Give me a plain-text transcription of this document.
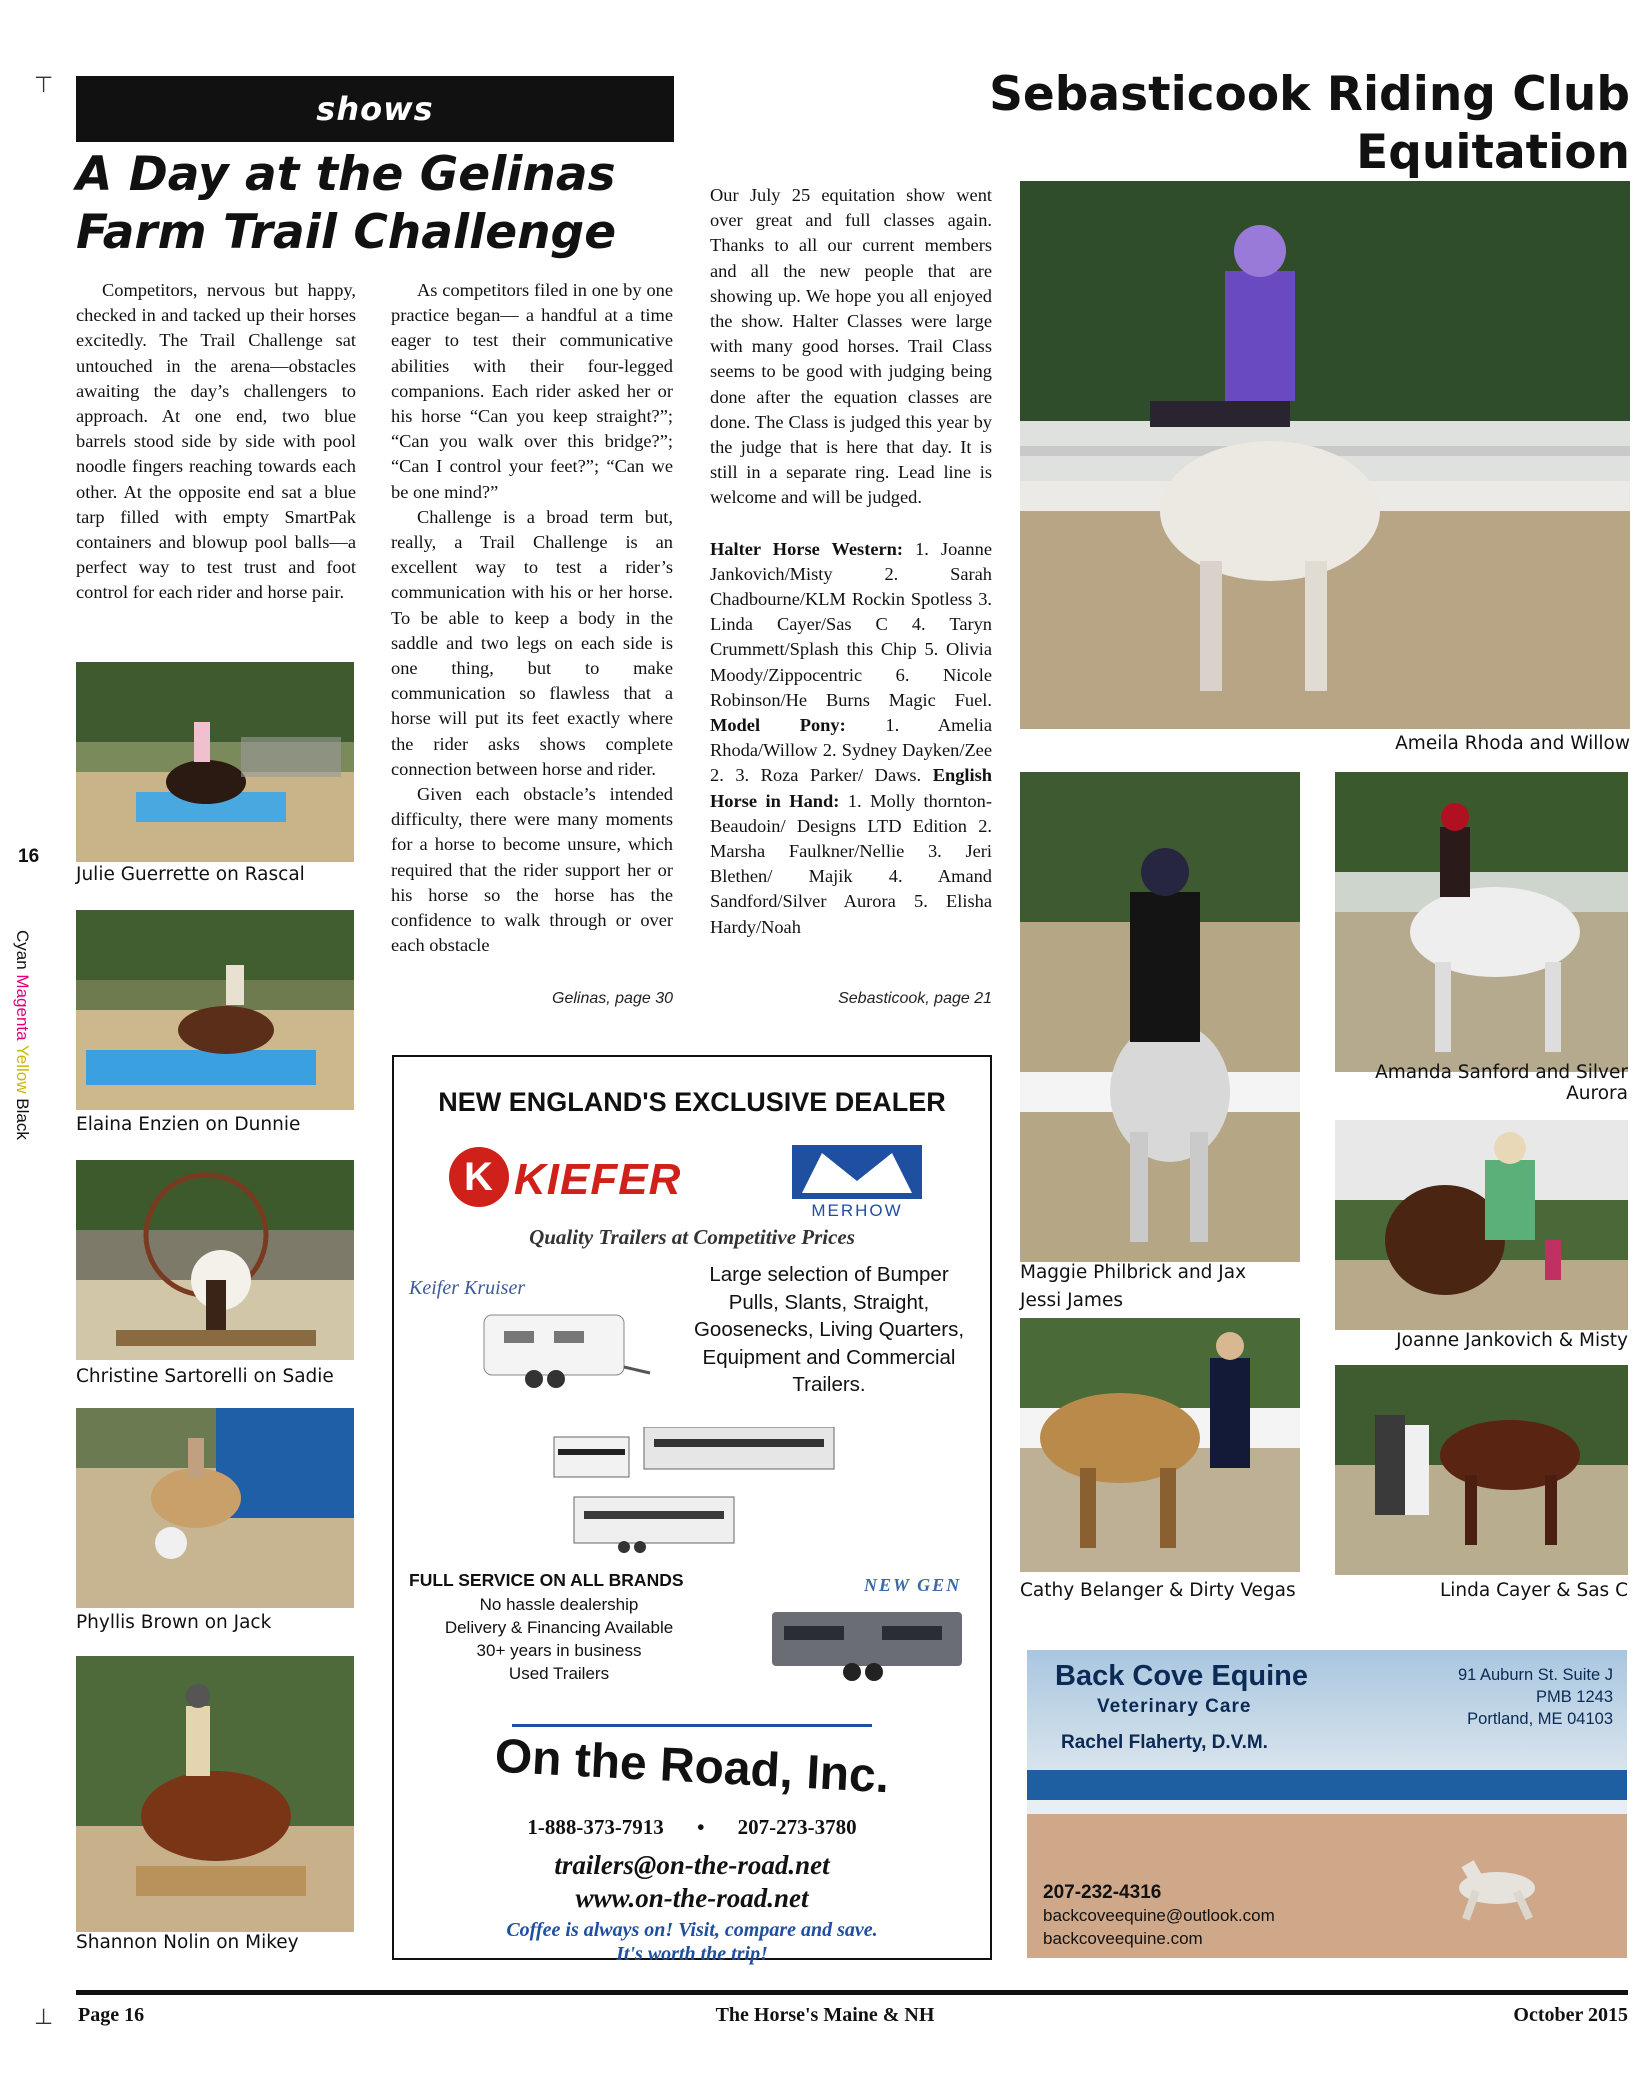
⊤
⊥
16
Cyan Magenta Yellow Black
shows
A Day at the Gelinas Farm Trail Challenge
Sebasticook Riding Club Equitation

Competitors, nervous but happy, checked in and tacked up their horses excitedly. The Trail Challenge sat untouched in the arena—obstacles awaiting the day’s challengers to approach. At one end, two blue barrels stood side by side with pool noodle fingers reaching towards each other. At the opposite end sat a blue tarp filled with empty SmartPak containers and blowup pool balls—a perfect way to test trust and foot control for each rider and horse pair.

As competitors filed in one by one practice began— a handful at a time eager to test their communicative abilities with their four-legged companions. Each rider asked her or his horse “Can you keep straight?”; “Can you walk over this bridge?”; “Can I control your feet?”; “Can we be one mind?”

Challenge is a broad term but, really, a Trail Challenge is an excellent way to test a rider’s communication with his or her horse. To be able to keep a body in the saddle and two legs on each side is one thing, but to make communication so flawless that a horse will put its feet exactly where the rider asks shows complete connection between horse and rider.

Given each obstacle’s intended difficulty, there were many moments for a horse to become unsure, which required that the rider support her or his horse so the horse has the confidence to walk through or over each obstacle

Gelinas, page 30

Our July 25 equitation show went over great and full classes again. Thanks to all our current members and all the new people that are showing up. We hope you all enjoyed the show. Halter Classes were large with many good horses. Trail Class seems to be good with judging being done after the equation classes are done. The Class is judged this year by the judge that is here that day. It is still in a separate ring. Lead line is welcome and will be judged.

Halter Horse Western: 1. Joanne Jankovich/Misty 2. Sarah Chadbourne/KLM Rockin Spotless 3. Linda Cayer/Sas C 4. Taryn Crummett/Splash this Chip 5. Olivia Moody/Zippocentric 6. Nicole Robinson/He Burns Magic Fuel. Model Pony: 1. Amelia Rhoda/Willow 2. Sydney Dayken/Zee 2. 3. Roza Parker/ Daws. English Horse in Hand: 1. Molly thornton-Beaudoin/ Designs LTD Edition 2. Marsha Faulkner/Nellie 3. Jeri Blethen/ Majik 4. Amand Sandford/Silver Aurora 5. Elisha Hardy/Noah

Sebasticook, page 21
Julie Guerrette on Rascal
Elaina Enzien on Dunnie
Christine Sartorelli on Sadie
Phyllis Brown on Jack
Shannon Nolin on Mikey
Ameila Rhoda and Willow
Maggie Philbrick and Jax
Jessi James
Amanda Sanford and Silver Aurora
Joanne Jankovich & Misty
Cathy Belanger & Dirty Vegas	Linda Cayer & Sas C
NEW ENGLAND'S EXCLUSIVE DEALER
K KIEFER
MERHOW
Quality Trailers at Competitive Prices
Keifer Kruiser
Large selection of Bumper Pulls, Slants, Straight, Goosenecks, Living Quarters, Equipment and Commercial Trailers.
FULL SERVICE ON ALL BRANDS
No hassle dealership
Delivery & Financing Available
30+ years in business
Used Trailers
NEW GEN
On the Road, Inc.
1-888-373-7913 • 207-273-3780
trailers@on-the-road.net
www.on-the-road.net
Coffee is always on! Visit, compare and save.
It's worth the trip!
Back Cove Equine
Veterinary Care
Rachel Flaherty, D.V.M.
91 Auburn St. Suite J
PMB 1243
Portland, ME 04103
207-232-4316
backcoveequine@outlook.com
backcoveequine.com
Page 16	The Horse's Maine & NH	October 2015
